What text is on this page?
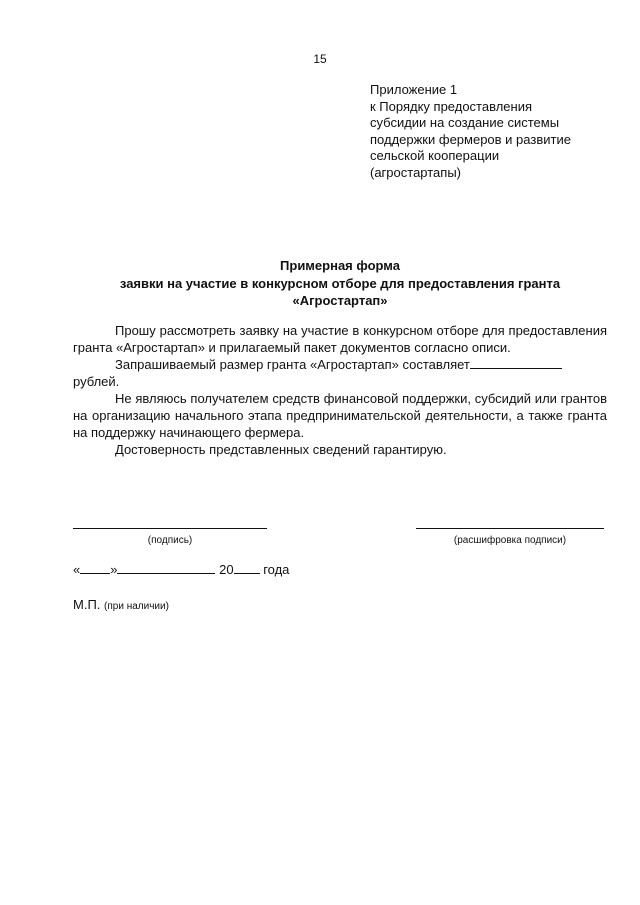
15
Приложение 1
к Порядку предоставления
субсидии на создание системы
поддержки фермеров и развитие
сельской кооперации
(агростартапы)
Примерная форма
заявки на участие в конкурсном отборе для предоставления гранта
«Агростартап»

Прошу рассмотреть заявку на участие в конкурсном отборе для предоставления гранта «Агростартап» и прилагаемый пакет документов согласно описи.

Запрашиваемый размер гранта «Агростартап» составляет
рублей.

Не являюсь получателем средств финансовой поддержки, субсидий или грантов на организацию начального этапа предпринимательской деятельности, а также гранта на поддержку начинающего фермера.

Достоверность представленных сведений гарантирую.

(подпись)	(расшифровка подписи)
« »	20 года
М.П. (при наличии)
